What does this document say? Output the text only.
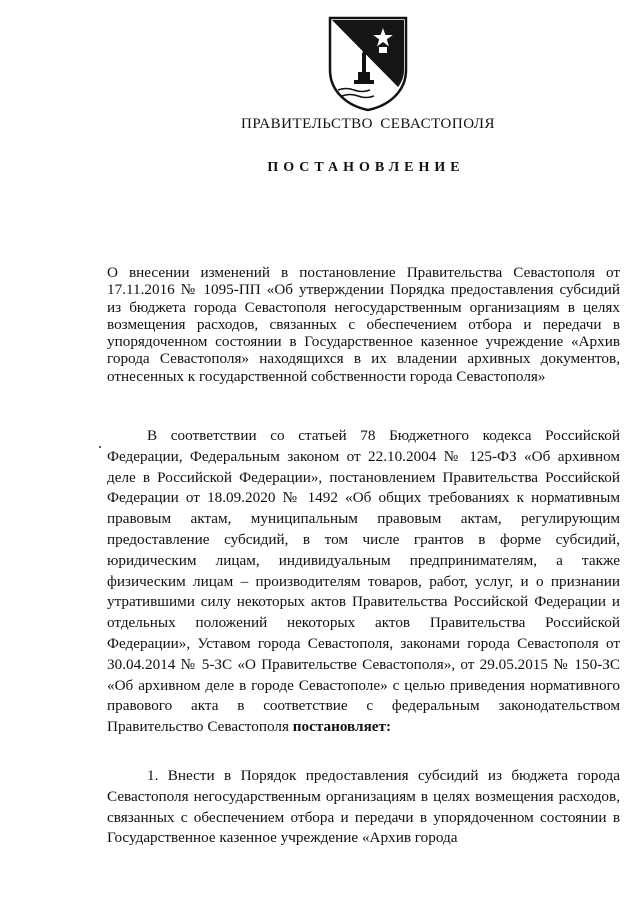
ПРАВИТЕЛЬСТВО СЕВАСТОПОЛЯ
ПОСТАНОВЛЕНИЕ
О внесении изменений в постановление Правительства Севастополя от 17.11.2016 № 1095-ПП «Об утверждении Порядка предоставления субсидий из бюджета города Севастополя негосударственным организациям в целях возмещения расходов, связанных с обеспечением отбора и передачи в упорядоченном состоянии в Государственное казенное учреждение «Архив города Севастополя» находящихся в их владении архивных документов, отнесенных к государственной собственности города Севастополя»
В соответствии со статьей 78 Бюджетного кодекса Российской Федерации, Федеральным законом от 22.10.2004 № 125-ФЗ «Об архивном деле в Российской Федерации», постановлением Правительства Российской Федерации от 18.09.2020 № 1492 «Об общих требованиях к нормативным правовым актам, муниципальным правовым актам, регулирующим предоставление субсидий, в том числе грантов в форме субсидий, юридическим лицам, индивидуальным предпринимателям, а также физическим лицам – производителям товаров, работ, услуг, и о признании утратившими силу некоторых актов Правительства Российской Федерации и отдельных положений некоторых актов Правительства Российской Федерации», Уставом города Севастополя, законами города Севастополя от 30.04.2014 № 5-ЗС «О Правительстве Севастополя», от 29.05.2015 № 150-ЗС «Об архивном деле в городе Севастополе» с целью приведения нормативного правового акта в соответствие с федеральным законодательством Правительство Севастополя постановляет:
1. Внести в Порядок предоставления субсидий из бюджета города Севастополя негосударственным организациям в целях возмещения расходов, связанных с обеспечением отбора и передачи в упорядоченном состоянии в Государственное казенное учреждение «Архив города
